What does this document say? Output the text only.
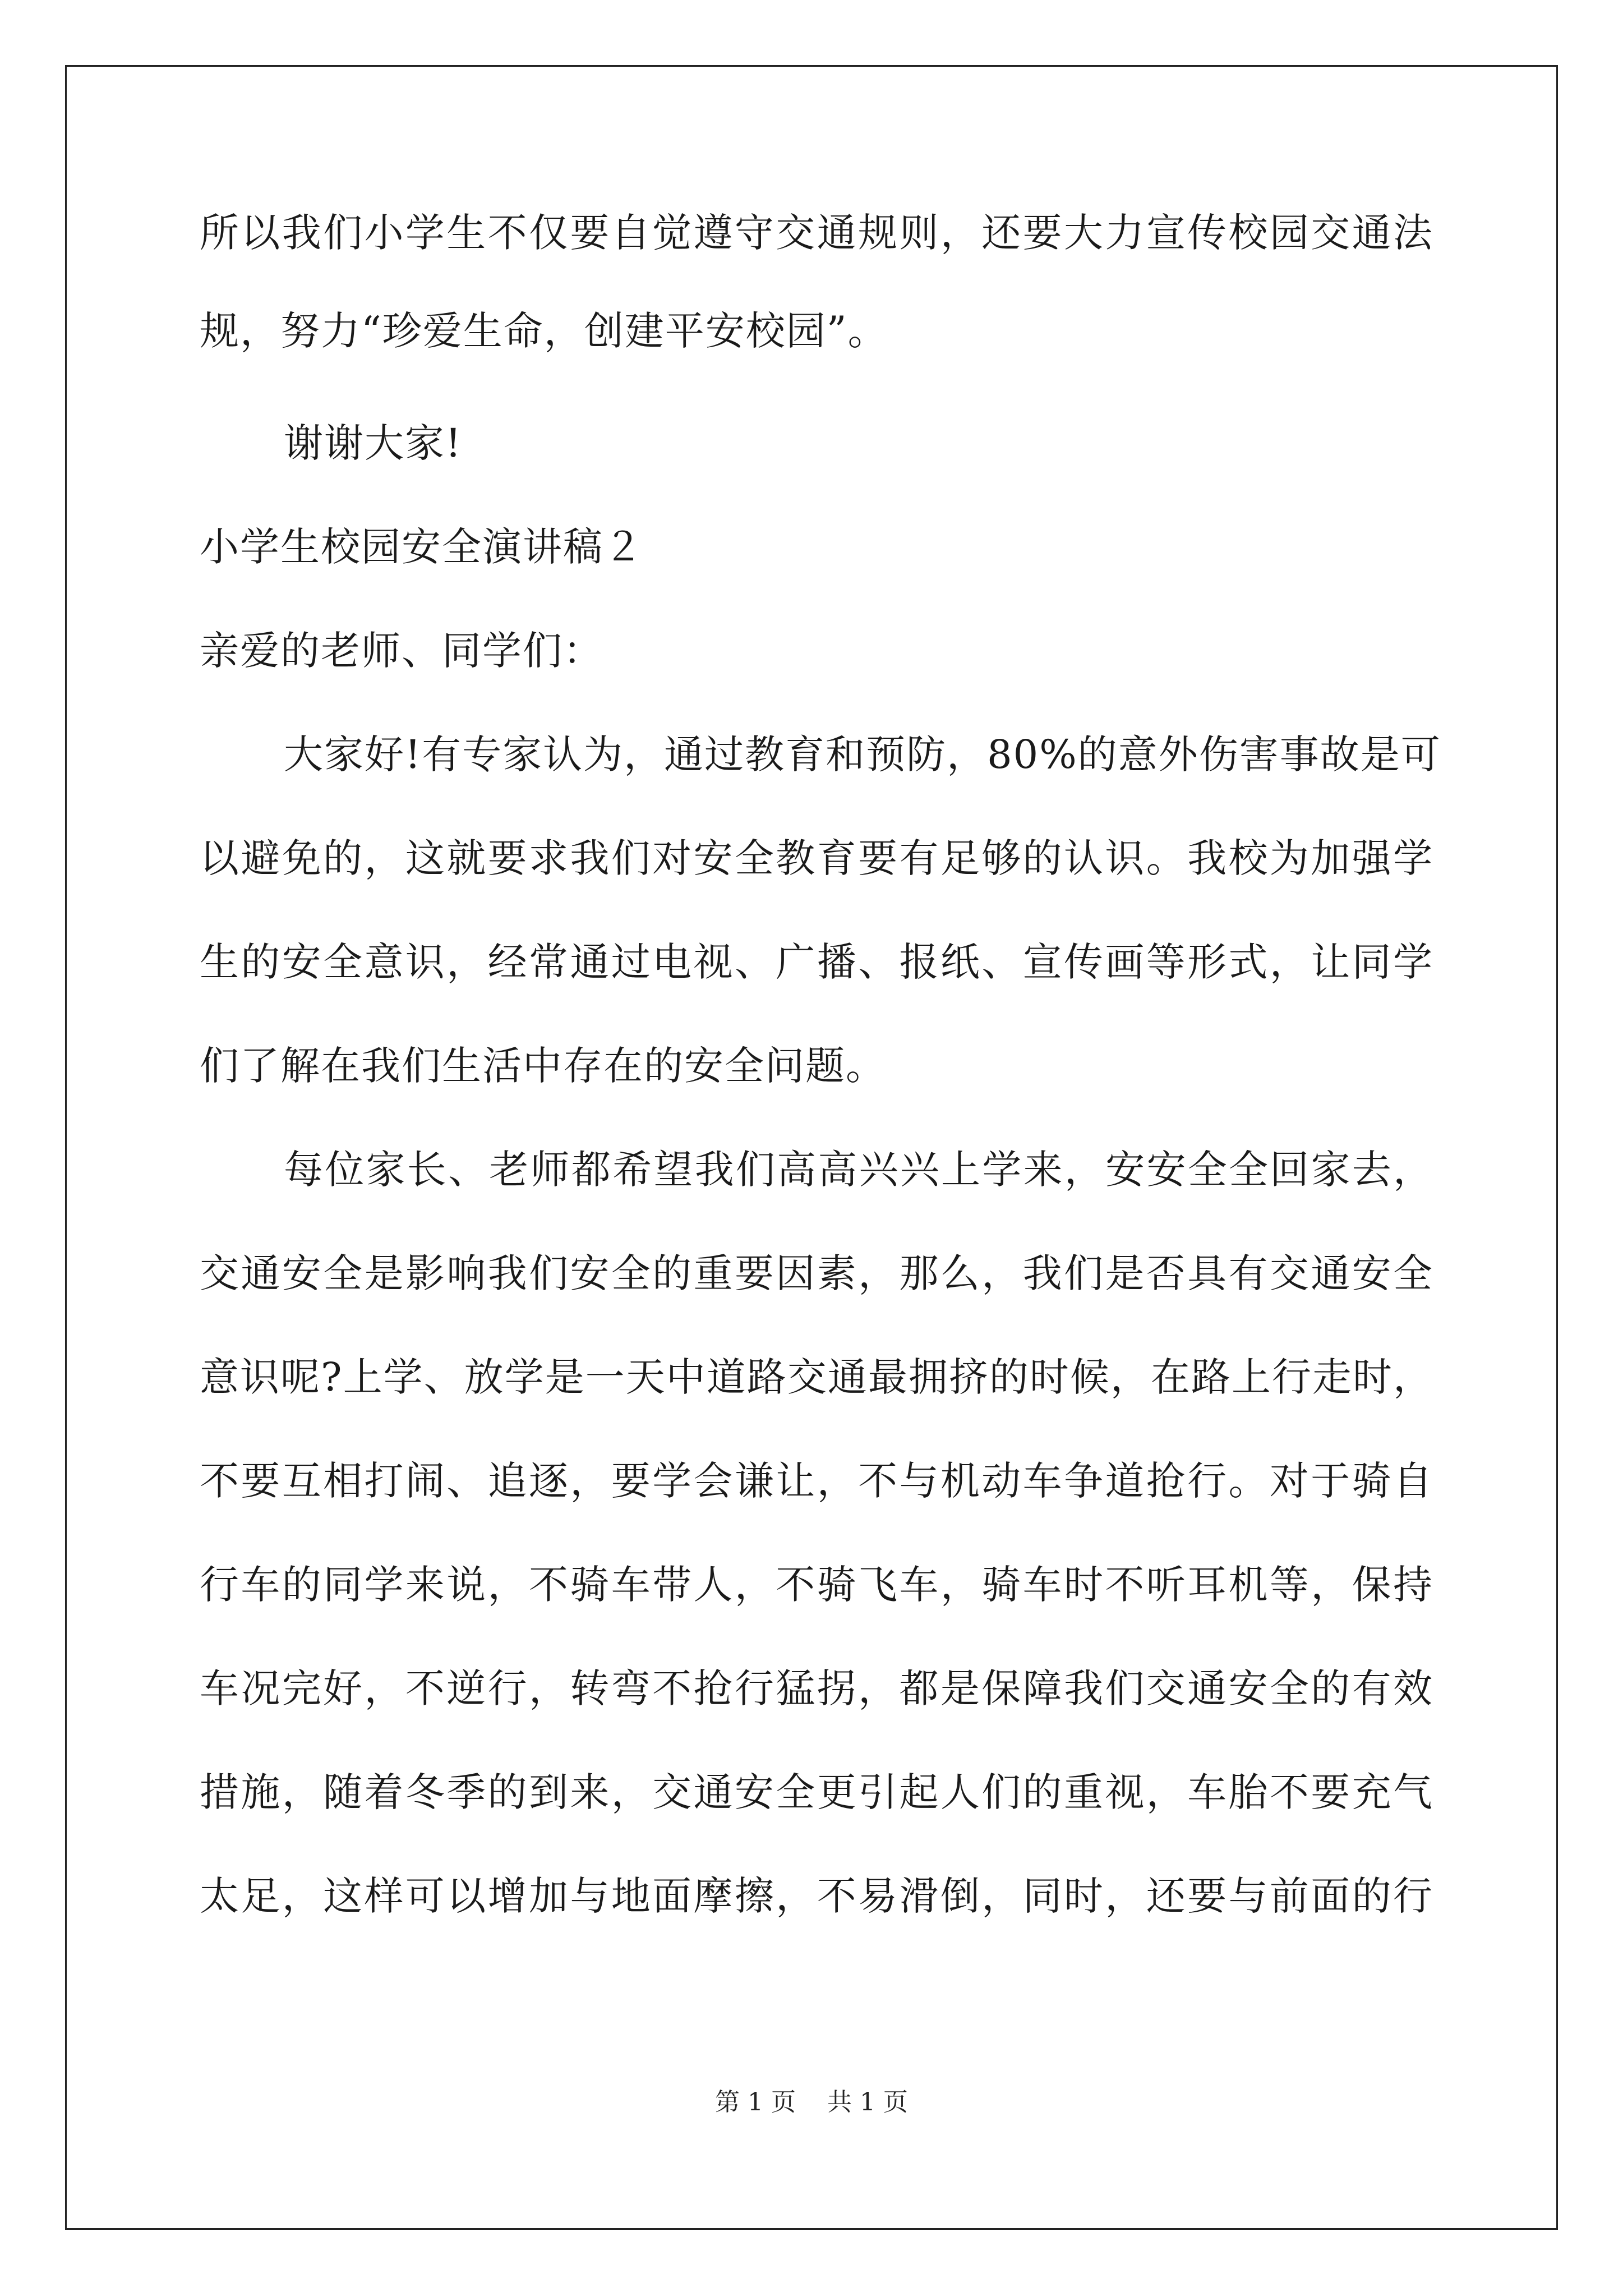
所以我们小学生不仅要自觉遵守交通规则，还要大力宣传校园交通法
规，努力“珍爱生命，创建平安校园”。
谢谢大家!
小学生校园安全演讲稿２
亲爱的老师、同学们：
大家好!有专家认为，通过教育和预防，80%的意外伤害事故是可
以避免的，这就要求我们对安全教育要有足够的认识。我校为加强学
生的安全意识，经常通过电视、广播、报纸、宣传画等形式，让同学
们了解在我们生活中存在的安全问题。
每位家长、老师都希望我们高高兴兴上学来，安安全全回家去，
交通安全是影响我们安全的重要因素，那么，我们是否具有交通安全
意识呢?上学、放学是一天中道路交通最拥挤的时候，在路上行走时，
不要互相打闹、追逐，要学会谦让，不与机动车争道抢行。对于骑自
行车的同学来说，不骑车带人，不骑飞车，骑车时不听耳机等，保持
车况完好，不逆行，转弯不抢行猛拐，都是保障我们交通安全的有效
措施，随着冬季的到来，交通安全更引起人们的重视，车胎不要充气
太足，这样可以增加与地面摩擦，不易滑倒，同时，还要与前面的行
第 1 页    共 1 页
